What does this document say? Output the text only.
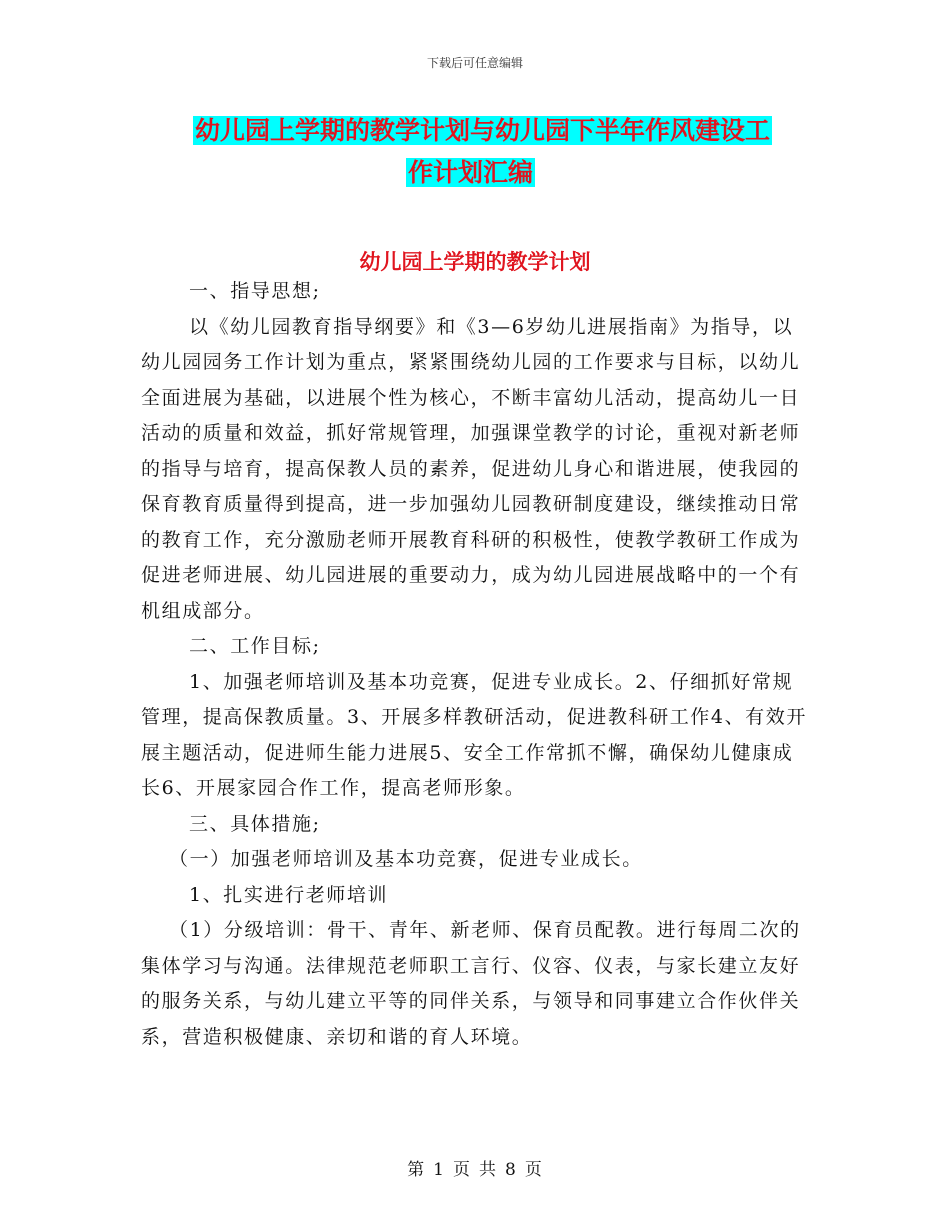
下载后可任意编辑
幼儿园上学期的教学计划与幼儿园下半年作风建设工
作计划汇编
幼儿园上学期的教学计划

一、指导思想;

以《幼儿园教育指导纲要》和《3—6岁幼儿进展指南》为指导，以幼儿园园务工作计划为重点，紧紧围绕幼儿园的工作要求与目标，以幼儿全面进展为基础，以进展个性为核心，不断丰富幼儿活动，提高幼儿一日活动的质量和效益，抓好常规管理，加强课堂教学的讨论，重视对新老师的指导与培育，提高保教人员的素养，促进幼儿身心和谐进展，使我园的保育教育质量得到提高，进一步加强幼儿园教研制度建设，继续推动日常的教育工作，充分激励老师开展教育科研的积极性，使教学教研工作成为促进老师进展、幼儿园进展的重要动力，成为幼儿园进展战略中的一个有机组成部分。

二、工作目标;

1、加强老师培训及基本功竞赛，促进专业成长。2、仔细抓好常规管理，提高保教质量。3、开展多样教研活动，促进教科研工作4、有效开展主题活动，促进师生能力进展5、安全工作常抓不懈，确保幼儿健康成长6、开展家园合作工作，提高老师形象。

三、具体措施;

（一）加强老师培训及基本功竞赛，促进专业成长。

1、扎实进行老师培训

（1）分级培训：骨干、青年、新老师、保育员配教。进行每周二次的集体学习与沟通。法律规范老师职工言行、仪容、仪表，与家长建立友好的服务关系，与幼儿建立平等的同伴关系，与领导和同事建立合作伙伴关系，营造积极健康、亲切和谐的育人环境。

第 1 页 共 8 页
